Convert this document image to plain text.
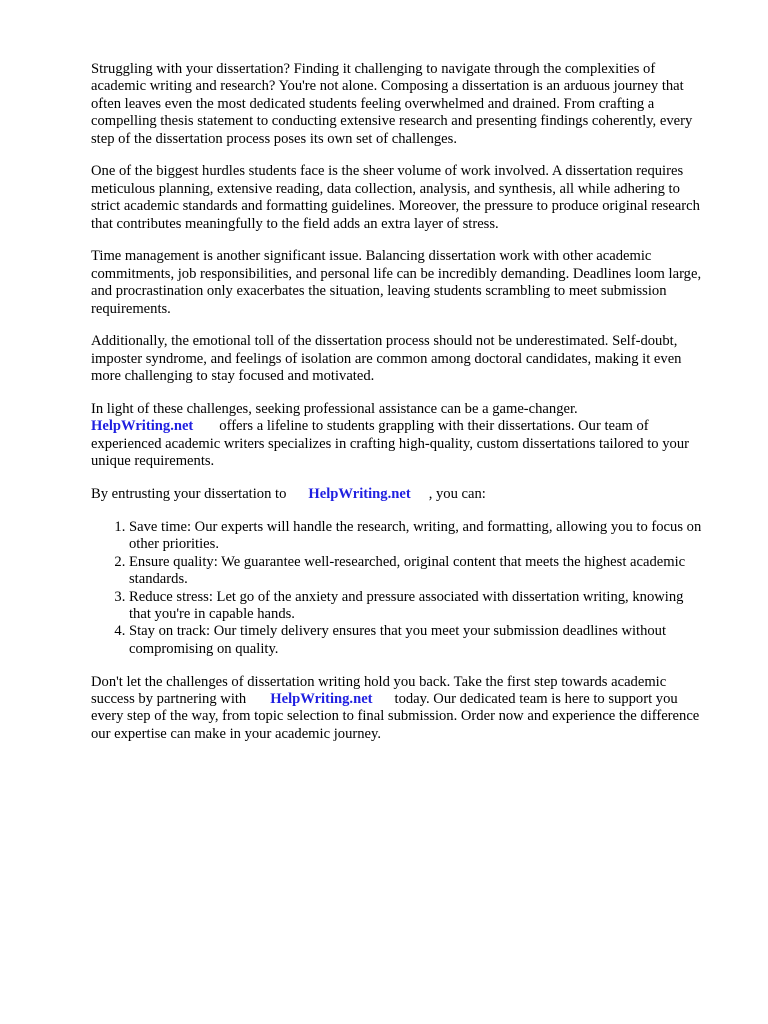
Struggling with your dissertation? Finding it challenging to navigate through the complexities of academic writing and research? You're not alone. Composing a dissertation is an arduous journey that often leaves even the most dedicated students feeling overwhelmed and drained. From crafting a compelling thesis statement to conducting extensive research and presenting findings coherently, every step of the dissertation process poses its own set of challenges.

One of the biggest hurdles students face is the sheer volume of work involved. A dissertation requires meticulous planning, extensive reading, data collection, analysis, and synthesis, all while adhering to strict academic standards and formatting guidelines. Moreover, the pressure to produce original research that contributes meaningfully to the field adds an extra layer of stress.

Time management is another significant issue. Balancing dissertation work with other academic commitments, job responsibilities, and personal life can be incredibly demanding. Deadlines loom large, and procrastination only exacerbates the situation, leaving students scrambling to meet submission requirements.

Additionally, the emotional toll of the dissertation process should not be underestimated. Self-doubt, imposter syndrome, and feelings of isolation are common among doctoral candidates, making it even more challenging to stay focused and motivated.

In light of these challenges, seeking professional assistance can be a game-changer.
HelpWriting.net offers a lifeline to students grappling with their dissertations. Our team of experienced academic writers specializes in crafting high-quality, custom dissertations tailored to your unique requirements.

By entrusting your dissertation to HelpWriting.net , you can:

1. Save time: Our experts will handle the research, writing, and formatting, allowing you to focus on other priorities.
2. Ensure quality: We guarantee well-researched, original content that meets the highest academic standards.
3. Reduce stress: Let go of the anxiety and pressure associated with dissertation writing, knowing that you're in capable hands.
4. Stay on track: Our timely delivery ensures that you meet your submission deadlines without compromising on quality.

Don't let the challenges of dissertation writing hold you back. Take the first step towards academic success by partnering with HelpWriting.net today. Our dedicated team is here to support you every step of the way, from topic selection to final submission. Order now and experience the difference our expertise can make in your academic journey.
